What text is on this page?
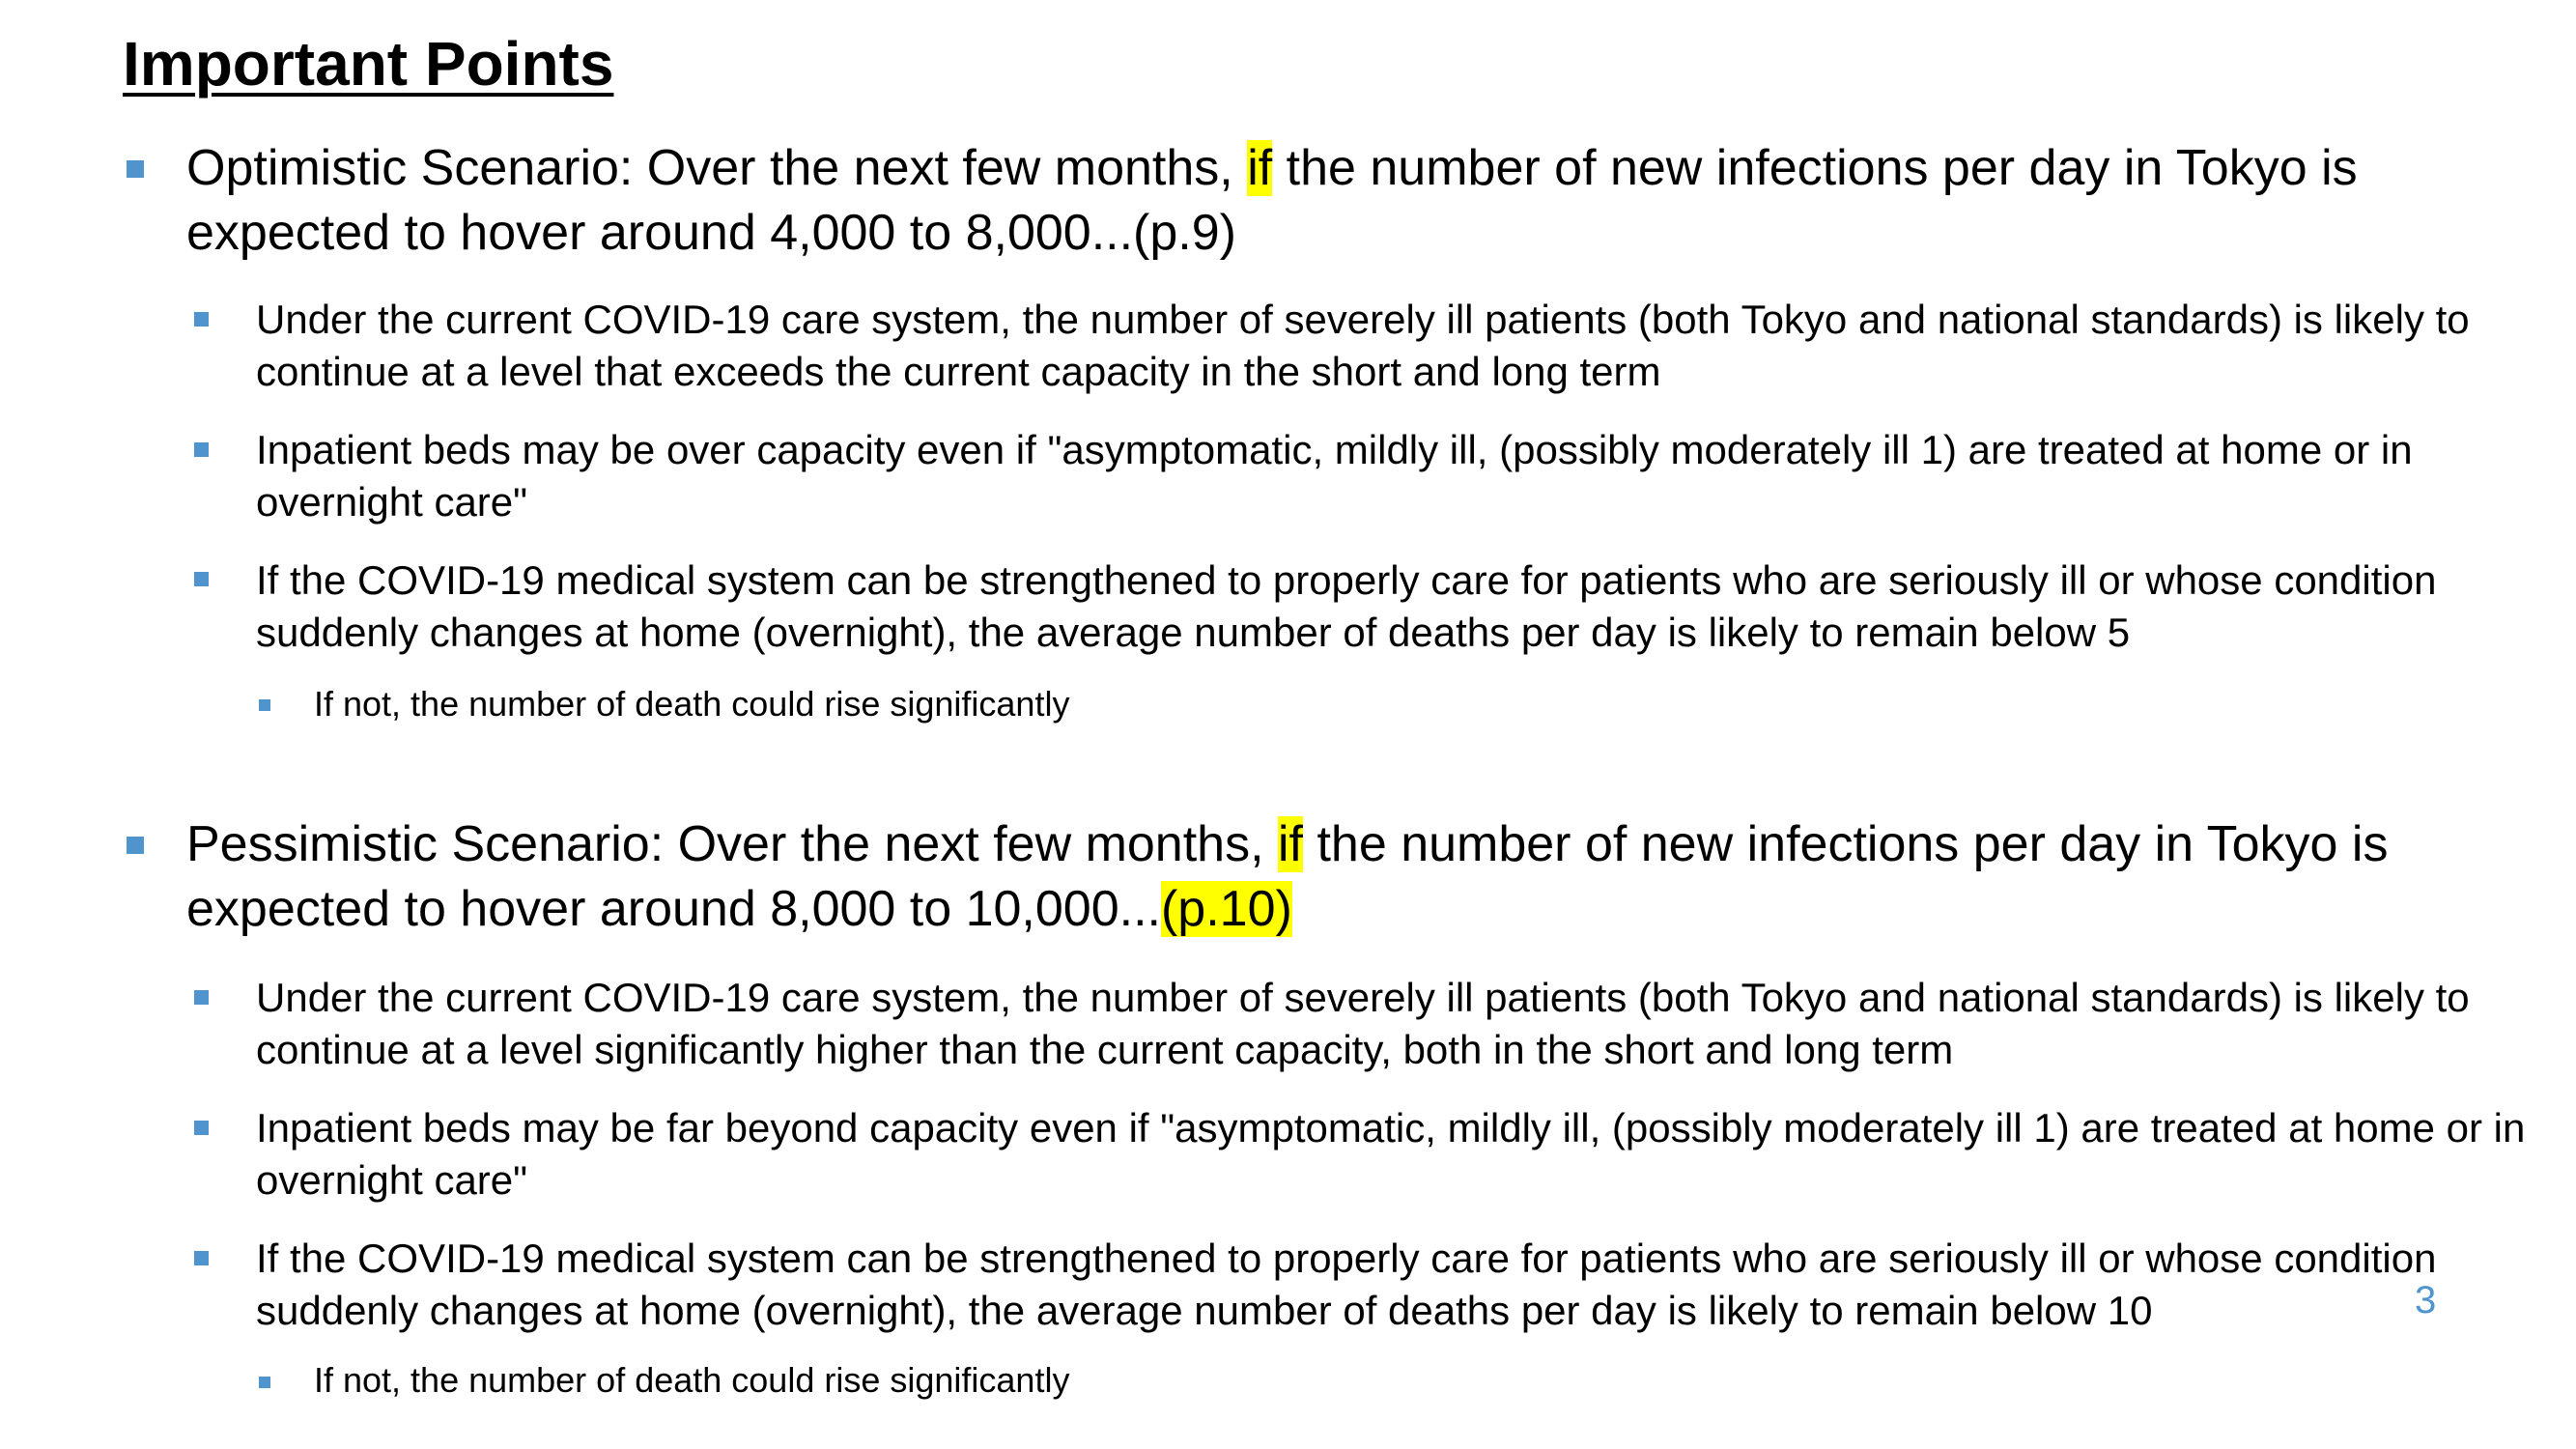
Important Points
Optimistic Scenario: Over the next few months, if the number of new infections per day in Tokyo is expected to hover around 4,000 to 8,000...(p.9)
Under the current COVID-19 care system, the number of severely ill patients (both Tokyo and national standards) is likely to continue at a level that exceeds the current capacity in the short and long term
Inpatient beds may be over capacity even if "asymptomatic, mildly ill, (possibly moderately ill 1) are treated at home or in overnight care"
If the COVID-19 medical system can be strengthened to properly care for patients who are seriously ill or whose condition suddenly changes at home (overnight), the average number of deaths per day is likely to remain below 5
If not, the number of death could rise significantly
Pessimistic Scenario: Over the next few months, if the number of new infections per day in Tokyo is expected to hover around 8,000 to 10,000...(p.10)
Under the current COVID-19 care system, the number of severely ill patients (both Tokyo and national standards) is likely to continue at a level significantly higher than the current capacity, both in the short and long term
Inpatient beds may be far beyond capacity even if "asymptomatic, mildly ill, (possibly moderately ill 1) are treated at home or in overnight care"
If the COVID-19 medical system can be strengthened to properly care for patients who are seriously ill or whose condition suddenly changes at home (overnight), the average number of deaths per day is likely to remain below 10
If not, the number of death could rise significantly
3
